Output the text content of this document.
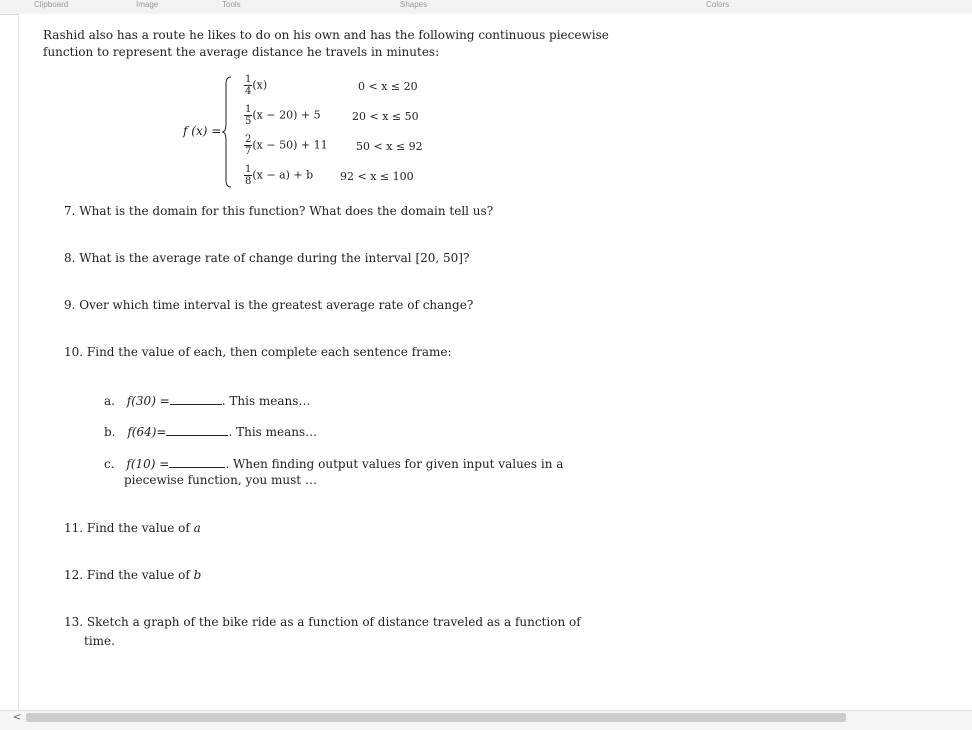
Clipboard	Image	Tools	Shapes	Colors
Rashid also has a route he likes to do on his own and has the following continuous piecewise
function to represent the average distance he travels in minutes:
f (x) =
$\frac{1}{4} (x)$	0 < x ≤ 20
$\frac{1}{5} (x - 20) + 5$	20 < x ≤ 50
$\frac{2}{7} (x - 50) + 11$	50 < x ≤ 92
$\frac{1}{8} (x - a) + b$ 92 < x ≤ 100
7. What is the domain for this function? What does the domain tell us?
8. What is the average rate of change during the interval [20, 50]?
9. Over which time interval is the greatest average rate of change?
10. Find the value of each, then complete each sentence frame:
a. f(30) =	. This means…
b. f(64)=	. This means…
c. f(10) =	. When finding output values for given input values in a
piecewise function, you must …
11. Find the value of a
12. Find the value of b
13. Sketch a graph of the bike ride as a function of distance traveled as a function of
time.
<
